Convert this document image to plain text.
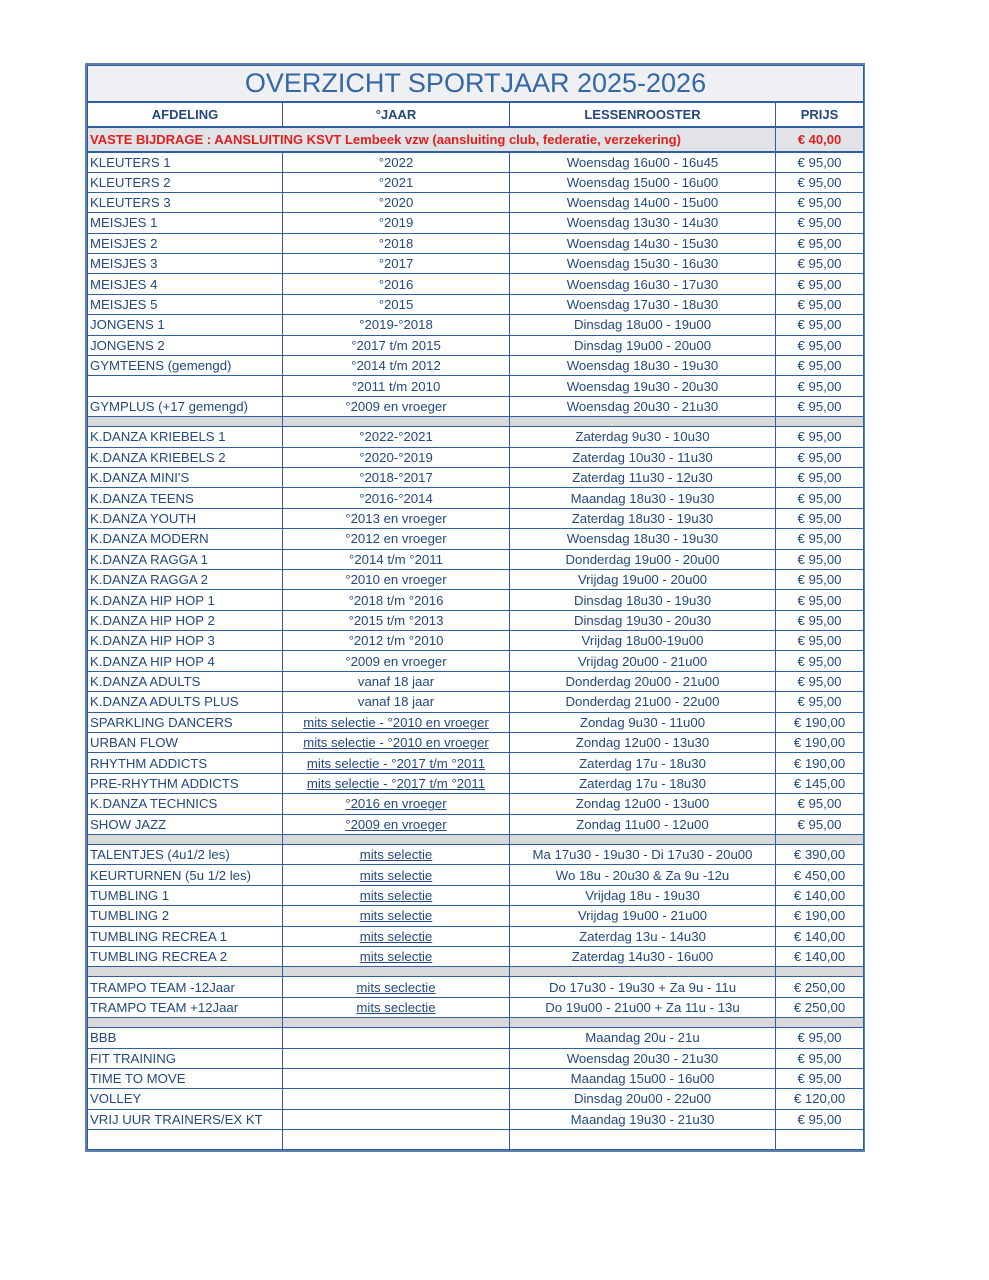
OVERZICHT SPORTJAAR 2025-2026			
AFDELING	°JAAR	LESSENROOSTER	PRIJS
VASTE BIJDRAGE : AANSLUITING KSVT Lembeek vzw (aansluiting club, federatie, verzekering)			€ 40,00
KLEUTERS 1	°2022	Woensdag 16u00 - 16u45	€ 95,00
KLEUTERS 2	°2021	Woensdag 15u00 - 16u00	€ 95,00
KLEUTERS 3	°2020	Woensdag 14u00 - 15u00	€ 95,00
MEISJES 1	°2019	Woensdag 13u30 - 14u30	€ 95,00
MEISJES 2	°2018	Woensdag 14u30 - 15u30	€ 95,00
MEISJES 3	°2017	Woensdag 15u30 - 16u30	€ 95,00
MEISJES 4	°2016	Woensdag 16u30 - 17u30	€ 95,00
MEISJES 5	°2015	Woensdag 17u30 - 18u30	€ 95,00
JONGENS 1	°2019-°2018	Dinsdag 18u00 - 19u00	€ 95,00
JONGENS 2	°2017 t/m 2015	Dinsdag 19u00 - 20u00	€ 95,00
GYMTEENS (gemengd)	°2014 t/m 2012	Woensdag 18u30 - 19u30	€ 95,00
	°2011 t/m 2010	Woensdag 19u30 - 20u30	€ 95,00
GYMPLUS (+17 gemengd)	°2009 en vroeger	Woensdag 20u30 - 21u30	€ 95,00

K.DANZA KRIEBELS 1	°2022-°2021	Zaterdag 9u30 - 10u30	€ 95,00
K.DANZA KRIEBELS 2	°2020-°2019	Zaterdag 10u30 - 11u30	€ 95,00
K.DANZA MINI'S	°2018-°2017	Zaterdag 11u30 - 12u30	€ 95,00
K.DANZA TEENS	°2016-°2014	Maandag 18u30 - 19u30	€ 95,00
K.DANZA YOUTH	°2013 en vroeger	Zaterdag 18u30 - 19u30	€ 95,00
K.DANZA MODERN	°2012 en vroeger	Woensdag 18u30 - 19u30	€ 95,00
K.DANZA RAGGA 1	°2014 t/m °2011	Donderdag 19u00 - 20u00	€ 95,00
K.DANZA RAGGA 2	°2010 en vroeger	Vrijdag 19u00 - 20u00	€ 95,00
K.DANZA HIP HOP 1	°2018 t/m °2016	Dinsdag 18u30 - 19u30	€ 95,00
K.DANZA HIP HOP 2	°2015 t/m °2013	Dinsdag 19u30 - 20u30	€ 95,00
K.DANZA HIP HOP 3	°2012 t/m °2010	Vrijdag 18u00-19u00	€ 95,00
K.DANZA HIP HOP 4	°2009 en vroeger	Vrijdag 20u00 - 21u00	€ 95,00
K.DANZA ADULTS	vanaf 18 jaar	Donderdag 20u00 - 21u00	€ 95,00
K.DANZA ADULTS PLUS	vanaf 18 jaar	Donderdag 21u00 - 22u00	€ 95,00
SPARKLING DANCERS	mits selectie - °2010 en vroeger	Zondag 9u30 - 11u00	€ 190,00
URBAN FLOW	mits selectie - °2010 en vroeger	Zondag 12u00 - 13u30	€ 190,00
RHYTHM ADDICTS	mits selectie - °2017 t/m °2011	Zaterdag 17u - 18u30	€ 190,00
PRE-RHYTHM ADDICTS	mits selectie - °2017 t/m °2011	Zaterdag 17u - 18u30	€ 145,00
K.DANZA TECHNICS	°2016 en vroeger	Zondag 12u00 - 13u00	€ 95,00
SHOW JAZZ	°2009 en vroeger	Zondag 11u00 - 12u00	€ 95,00

TALENTJES (4u1/2 les)	mits selectie	Ma 17u30 - 19u30 - Di 17u30 - 20u00	€ 390,00
KEURTURNEN (5u 1/2 les)	mits selectie	Wo 18u - 20u30 & Za 9u -12u	€ 450,00
TUMBLING 1	mits selectie	Vrijdag 18u - 19u30	€ 140,00
TUMBLING 2	mits selectie	Vrijdag 19u00 - 21u00	€ 190,00
TUMBLING RECREA 1	mits selectie	Zaterdag 13u - 14u30	€ 140,00
TUMBLING RECREA 2	mits selectie	Zaterdag 14u30 - 16u00	€ 140,00

TRAMPO TEAM -12Jaar	mits seclectie	Do 17u30 - 19u30 + Za 9u - 11u	€ 250,00
TRAMPO TEAM +12Jaar	mits seclectie	Do 19u00 - 21u00 + Za 11u - 13u	€ 250,00

BBB		Maandag 20u - 21u	€ 95,00
FIT TRAINING		Woensdag 20u30 - 21u30	€ 95,00
TIME TO MOVE		Maandag 15u00 - 16u00	€ 95,00
VOLLEY		Dinsdag 20u00 - 22u00	€ 120,00
VRIJ UUR TRAINERS/EX KT		Maandag 19u30 - 21u30	€ 95,00
